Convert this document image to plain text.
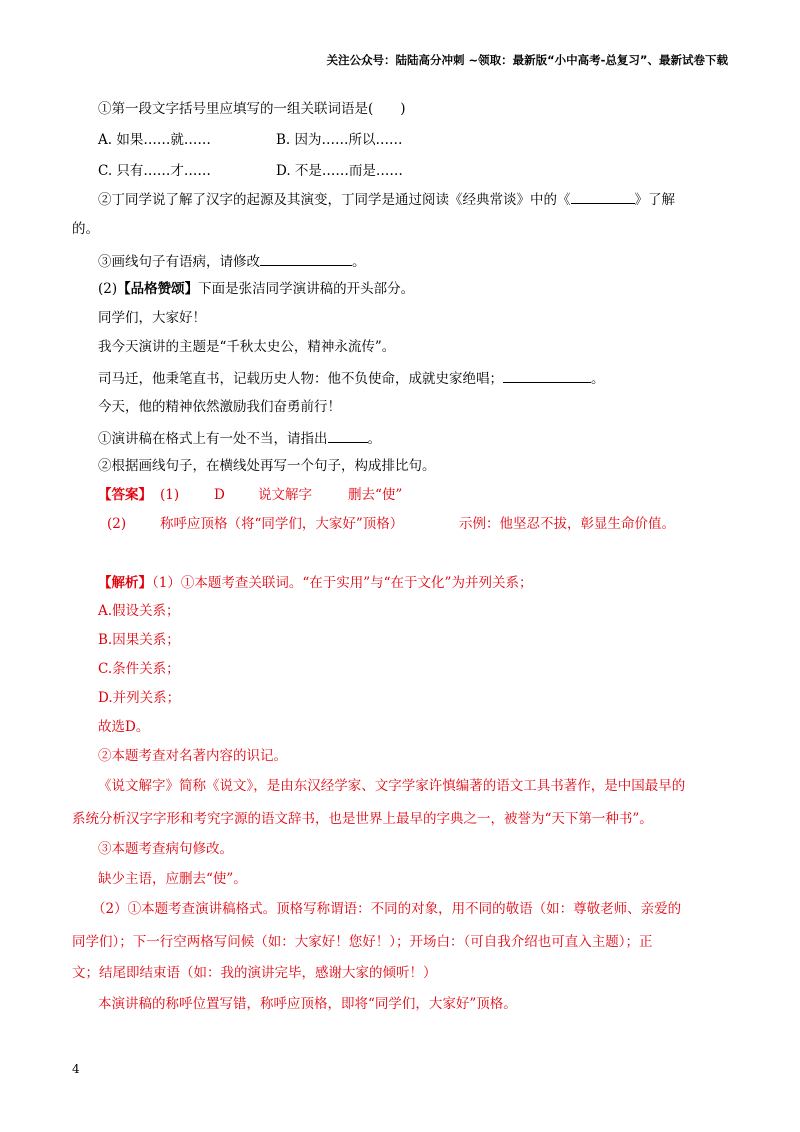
关注公众号：陆陆高分冲刺 ~领取：最新版“小中高考-总复习”、最新试卷下载
①第一段文字括号里应填写的一组关联词语是(　　)
A. 如果……就……	B. 因为……所以……
C. 只有……才……	D. 不是……而是……
②丁同学说了解了汉字的起源及其演变，丁同学是通过阅读《经典常谈》中的《	》了解
的。
③画线句子有语病，请修改	。
(2)【品格赞颂】下面是张洁同学演讲稿的开头部分。
同学们，大家好！
我今天演讲的主题是“千秋太史公，精神永流传”。
司马迁，他秉笔直书，记载历史人物：他不负使命，成就史家绝唱；	。
今天，他的精神依然激励我们奋勇前行！
①演讲稿在格式上有一处不当，请指出	。
②根据画线句子，在横线处再写一个句子，构成排比句。
【答案】 (1)	D 说文解字	删去“使”
(2)	称呼应顶格（将“同学们，大家好”顶格）	示例：他坚忍不拔，彰显生命价值。
【解析】（1）①本题考查关联词。“在于实用”与“在于文化”为并列关系；
A.假设关系；
B.因果关系；
C.条件关系；
D.并列关系；
故选D。
②本题考查对名著内容的识记。
《说文解字》简称《说文》，是由东汉经学家、文字学家许慎编著的语文工具书著作，是中国最早的
系统分析汉字字形和考究字源的语文辞书，也是世界上最早的字典之一，被誉为“天下第一种书”。
③本题考查病句修改。
缺少主语，应删去“使”。
（2）①本题考查演讲稿格式。顶格写称谓语：不同的对象，用不同的敬语（如：尊敬老师、亲爱的
同学们）；下一行空两格写问候（如：大家好！您好！）；开场白：（可自我介绍也可直入主题）；正
文；结尾即结束语（如：我的演讲完毕，感谢大家的倾听！）
本演讲稿的称呼位置写错，称呼应顶格，即将“同学们，大家好”顶格。
4
